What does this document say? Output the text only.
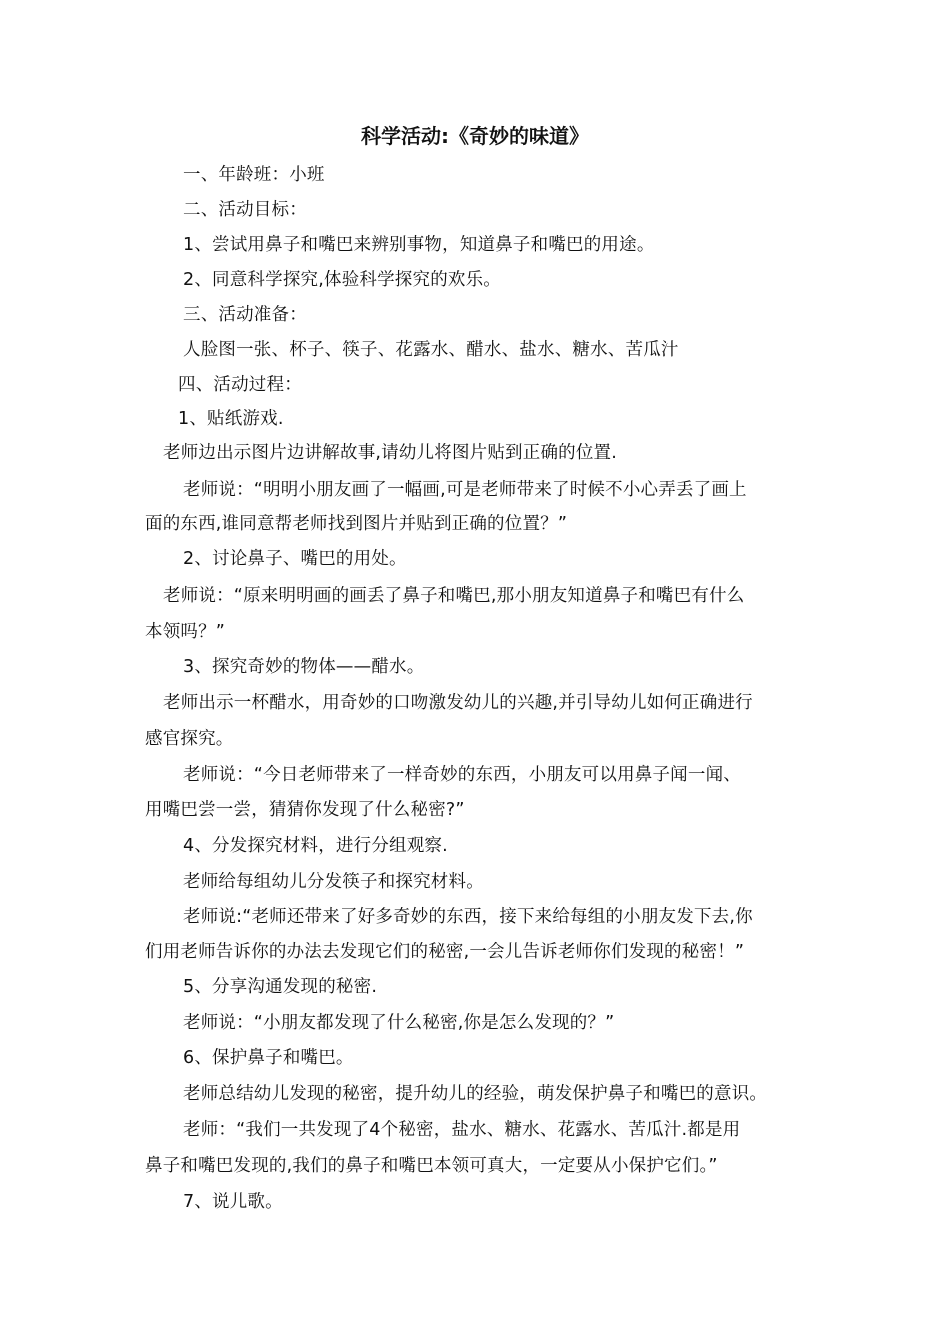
科学活动:《奇妙的味道》
一、年龄班：小班
二、活动目标：
1、尝试用鼻子和嘴巴来辨别事物，知道鼻子和嘴巴的用途。
2、同意科学探究,体验科学探究的欢乐。
三、活动准备：
人脸图一张、杯子、筷子、花露水、醋水、盐水、糖水、苦瓜汁
四、活动过程：
1、贴纸游戏.
老师边出示图片边讲解故事,请幼儿将图片贴到正确的位置.
老师说：“明明小朋友画了一幅画,可是老师带来了时候不小心弄丢了画上
面的东西,谁同意帮老师找到图片并贴到正确的位置？”
2、讨论鼻子、嘴巴的用处。
老师说：“原来明明画的画丢了鼻子和嘴巴,那小朋友知道鼻子和嘴巴有什么
本领吗？”
3、探究奇妙的物体——醋水。
老师出示一杯醋水，用奇妙的口吻激发幼儿的兴趣,并引导幼儿如何正确进行
感官探究。
老师说：“今日老师带来了一样奇妙的东西，小朋友可以用鼻子闻一闻、
用嘴巴尝一尝，猜猜你发现了什么秘密?”
4、分发探究材料，进行分组观察.
老师给每组幼儿分发筷子和探究材料。
老师说:“老师还带来了好多奇妙的东西，接下来给每组的小朋友发下去,你
们用老师告诉你的办法去发现它们的秘密,一会儿告诉老师你们发现的秘密！”
5、分享沟通发现的秘密.
老师说：“小朋友都发现了什么秘密,你是怎么发现的？”
6、保护鼻子和嘴巴。
老师总结幼儿发现的秘密，提升幼儿的经验，萌发保护鼻子和嘴巴的意识。
老师：“我们一共发现了4个秘密，盐水、糖水、花露水、苦瓜汁.都是用
鼻子和嘴巴发现的,我们的鼻子和嘴巴本领可真大，一定要从小保护它们。”
7、说儿歌。
